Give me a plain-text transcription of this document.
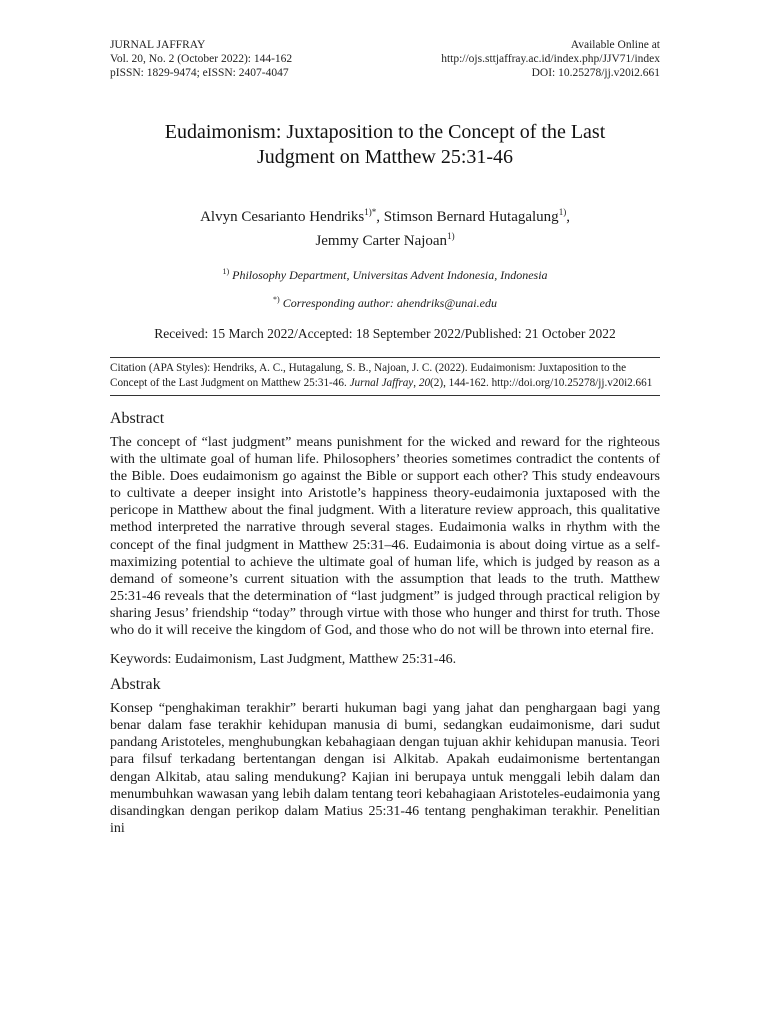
JURNAL JAFFRAY
Vol. 20, No. 2 (October 2022): 144-162
pISSN: 1829-9474; eISSN: 2407-4047
Available Online at
http://ojs.sttjaffray.ac.id/index.php/JJV71/index
DOI: 10.25278/jj.v20i2.661
Eudaimonism: Juxtaposition to the Concept of the Last
Judgment on Matthew 25:31-46
Alvyn Cesarianto Hendriks$^{1)*}$, Stimson Bernard Hutagalung$^{1)}$,
Jemmy Carter Najoan$^{1)}$
$^{1)}$ Philosophy Department, Universitas Advent Indonesia, Indonesia
*) Corresponding author: ahendriks@unai.edu
Received: 15 March 2022/Accepted: 18 September 2022/Published: 21 October 2022
Citation (APA Styles): Hendriks, A. C., Hutagalung, S. B., Najoan, J. C. (2022). Eudaimonism: Juxtaposition to the Concept of the Last Judgment on Matthew 25:31-46. Jurnal Jaffray, 20(2), 144-162. http://doi.org/10.25278/jj.v20i2.661
Abstract

The concept of “last judgment” means punishment for the wicked and reward for the righteous with the ultimate goal of human life. Philosophers’ theories sometimes contradict the contents of the Bible. Does eudaimonism go against the Bible or support each other? This study endeavours to cultivate a deeper insight into Aristotle’s happiness theory-eudaimonia juxtaposed with the pericope in Matthew about the final judgment. With a literature review approach, this qualitative method interpreted the narrative through several stages. Eudaimonia walks in rhythm with the concept of the final judgment in Matthew 25:31–46. Eudaimonia is about doing virtue as a self-maximizing potential to achieve the ultimate goal of human life, which is judged by reason as a demand of someone’s current situation with the assumption that leads to the truth. Matthew 25:31-46 reveals that the determination of “last judgment” is judged through practical religion by sharing Jesus’ friendship “today” through virtue with those who hunger and thirst for truth. Those who do it will receive the kingdom of God, and those who do not will be thrown into eternal fire.

Keywords: Eudaimonism, Last Judgment, Matthew 25:31-46.
Abstrak

Konsep “penghakiman terakhir” berarti hukuman bagi yang jahat dan penghargaan bagi yang benar dalam fase terakhir kehidupan manusia di bumi, sedangkan eudaimonisme, dari sudut pandang Aristoteles, menghubungkan kebahagiaan dengan tujuan akhir kehidupan manusia. Teori para filsuf terkadang bertentangan dengan isi Alkitab. Apakah eudaimonisme bertentangan dengan Alkitab, atau saling mendukung? Kajian ini berupaya untuk menggali lebih dalam dan menumbuhkan wawasan yang lebih dalam tentang teori kebahagiaan Aristoteles-eudaimonia yang disandingkan dengan perikop dalam Matius 25:31-46 tentang penghakiman terakhir. Penelitian ini
